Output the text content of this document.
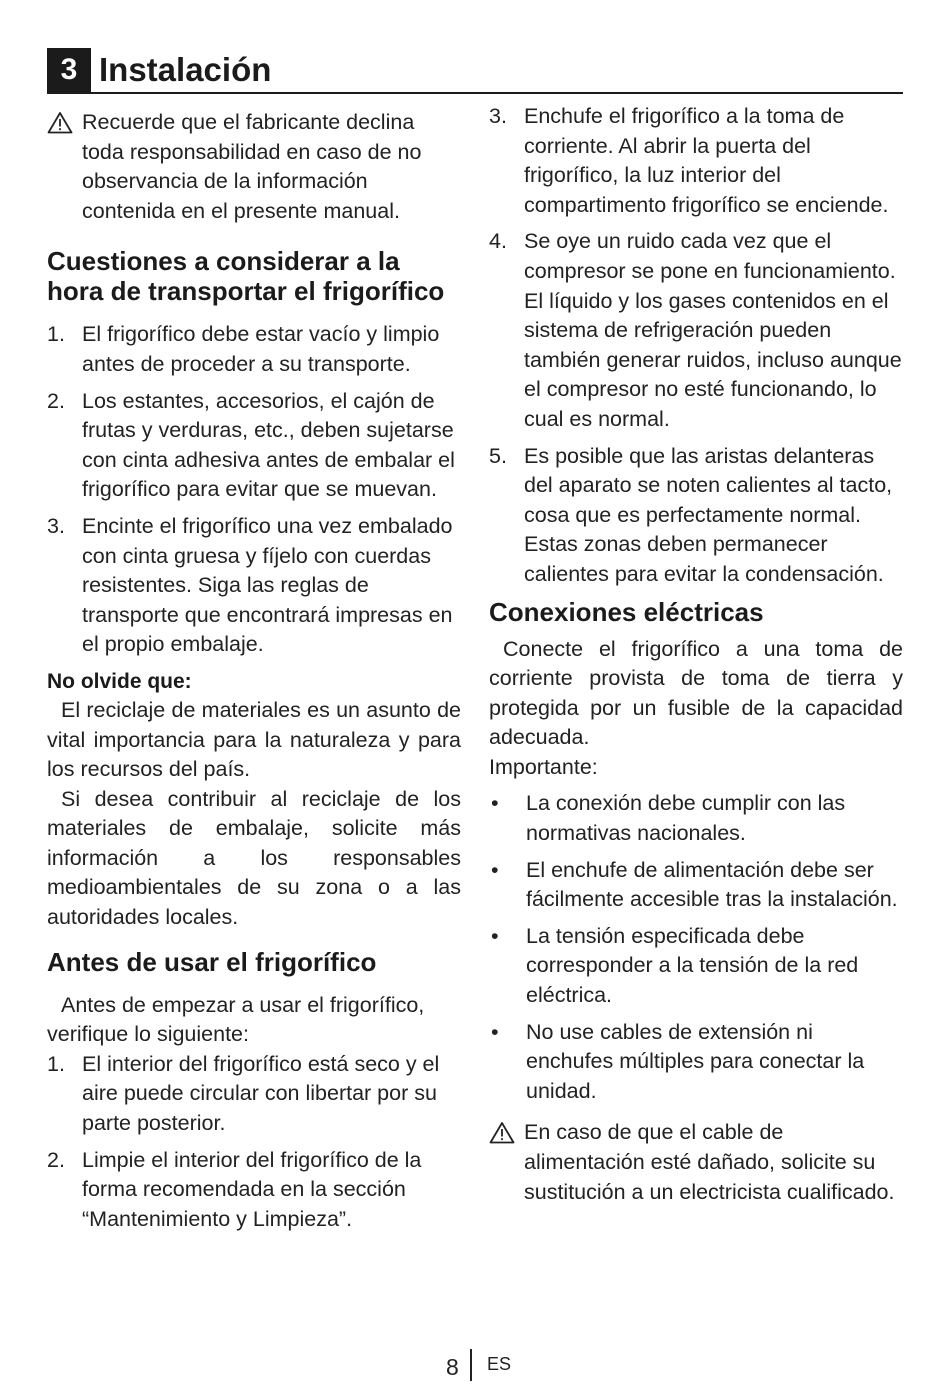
3 Instalación

Recuerde que el fabricante declina toda responsabilidad en caso de no observancia de la información contenida en el presente manual.

Cuestiones a considerar a la hora de transportar el frigorífico
1. El frigorífico debe estar vacío y limpio antes de proceder a su transporte.
2. Los estantes, accesorios, el cajón de frutas y verduras, etc., deben sujetarse con cinta adhesiva antes de embalar el frigorífico para evitar que se muevan.
3. Encinte el frigorífico una vez embalado con cinta gruesa y fíjelo con cuerdas resistentes. Siga las reglas de transporte que encontrará impresas en el propio embalaje.
No olvide que:

El reciclaje de materiales es un asunto de vital importancia para la naturaleza y para los recursos del país.

Si desea contribuir al reciclaje de los materiales de embalaje, solicite más información a los responsables medioambientales de su zona o a las autoridades locales.

Antes de usar el frigorífico

Antes de empezar a usar el frigorífico, verifique lo siguiente:

1. El interior del frigorífico está seco y el aire puede circular con libertar por su parte posterior.
2. Limpie el interior del frigorífico de la forma recomendada en la sección “Mantenimiento y Limpieza”.
3. Enchufe el frigorífico a la toma de corriente. Al abrir la puerta del frigorífico, la luz interior del compartimento frigorífico se enciende.
4. Se oye un ruido cada vez que el compresor se pone en funcionamiento. El líquido y los gases contenidos en el sistema de refrigeración pueden también generar ruidos, incluso aunque el compresor no esté funcionando, lo cual es normal.
5. Es posible que las aristas delanteras del aparato se noten calientes al tacto, cosa que es perfectamente normal. Estas zonas deben permanecer calientes para evitar la condensación.
Conexiones eléctricas

Conecte el frigorífico a una toma de corriente provista de toma de tierra y protegida por un fusible de la capacidad adecuada.

Importante:

•	La conexión debe cumplir con las normativas nacionales.
•	El enchufe de alimentación debe ser fácilmente accesible tras la instalación.
•	La tensión especificada debe corresponder a la tensión de la red eléctrica.
•	No use cables de extensión ni enchufes múltiples para conectar la unidad.

En caso de que el cable de alimentación esté dañado, solicite su sustitución a un electricista cualificado.

8 ES
